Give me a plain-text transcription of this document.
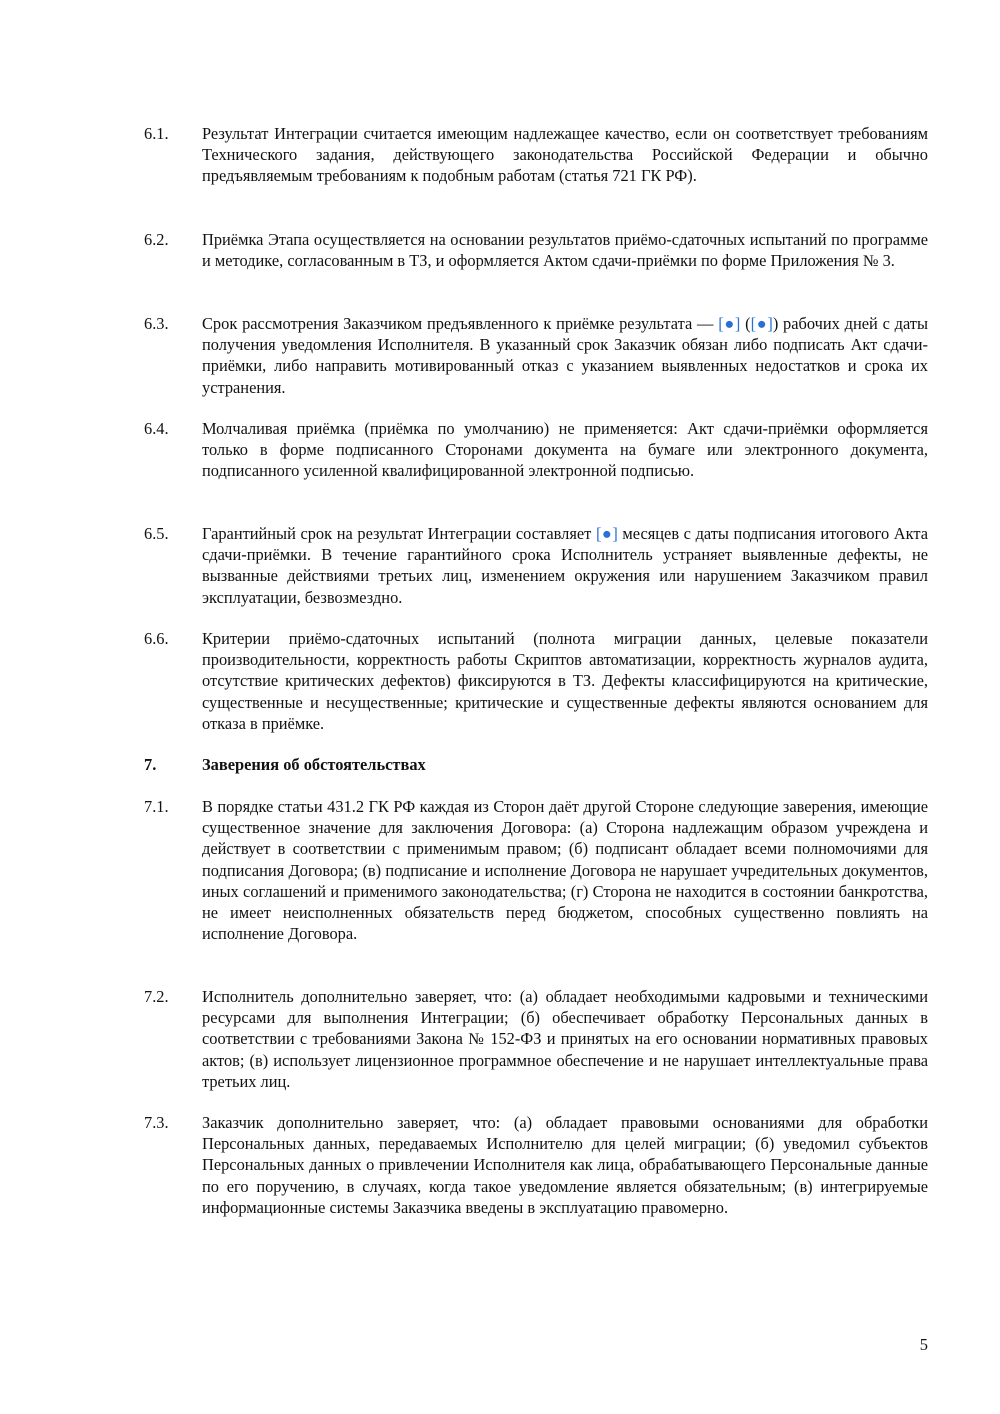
6.1.	Результат Интеграции считается имеющим надлежащее качество, если он соответствует требованиям Технического задания, действующего законодательства Российской Федерации и обычно предъявляемым требованиям к подобным работам (статья 721 ГК РФ).
6.2.	Приёмка Этапа осуществляется на основании результатов приёмо-сдаточных испытаний по программе и методике, согласованным в ТЗ, и оформляется Актом сдачи-приёмки по форме Приложения № 3.
6.3.	Срок рассмотрения Заказчиком предъявленного к приёмке результата — [●] ([●]) рабочих дней с даты получения уведомления Исполнителя. В указанный срок Заказчик обязан либо подписать Акт сдачи-приёмки, либо направить мотивированный отказ с указанием выявленных недостатков и срока их устранения.
6.4.	Молчаливая приёмка (приёмка по умолчанию) не применяется: Акт сдачи-приёмки оформляется только в форме подписанного Сторонами документа на бумаге или электронного документа, подписанного усиленной квалифицированной электронной подписью.
6.5.	Гарантийный срок на результат Интеграции составляет [●] месяцев с даты подписания итогового Акта сдачи-приёмки. В течение гарантийного срока Исполнитель устраняет выявленные дефекты, не вызванные действиями третьих лиц, изменением окружения или нарушением Заказчиком правил эксплуатации, безвозмездно.
6.6.	Критерии приёмо-сдаточных испытаний (полнота миграции данных, целевые показатели производительности, корректность работы Скриптов автоматизации, корректность журналов аудита, отсутствие критических дефектов) фиксируются в ТЗ. Дефекты классифицируются на критические, существенные и несущественные; критические и существенные дефекты являются основанием для отказа в приёмке.
7.	Заверения об обстоятельствах
7.1.	В порядке статьи 431.2 ГК РФ каждая из Сторон даёт другой Стороне следующие заверения, имеющие существенное значение для заключения Договора: (а) Сторона надлежащим образом учреждена и действует в соответствии с применимым правом; (б) подписант обладает всеми полномочиями для подписания Договора; (в) подписание и исполнение Договора не нарушает учредительных документов, иных соглашений и применимого законодательства; (г) Сторона не находится в состоянии банкротства, не имеет неисполненных обязательств перед бюджетом, способных существенно повлиять на исполнение Договора.
7.2.	Исполнитель дополнительно заверяет, что: (а) обладает необходимыми кадровыми и техническими ресурсами для выполнения Интеграции; (б) обеспечивает обработку Персональных данных в соответствии с требованиями Закона № 152-ФЗ и принятых на его основании нормативных правовых актов; (в) использует лицензионное программное обеспечение и не нарушает интеллектуальные права третьих лиц.
7.3.	Заказчик дополнительно заверяет, что: (а) обладает правовыми основаниями для обработки Персональных данных, передаваемых Исполнителю для целей миграции; (б) уведомил субъектов Персональных данных о привлечении Исполнителя как лица, обрабатывающего Персональные данные по его поручению, в случаях, когда такое уведомление является обязательным; (в) интегрируемые информационные системы Заказчика введены в эксплуатацию правомерно.
5
